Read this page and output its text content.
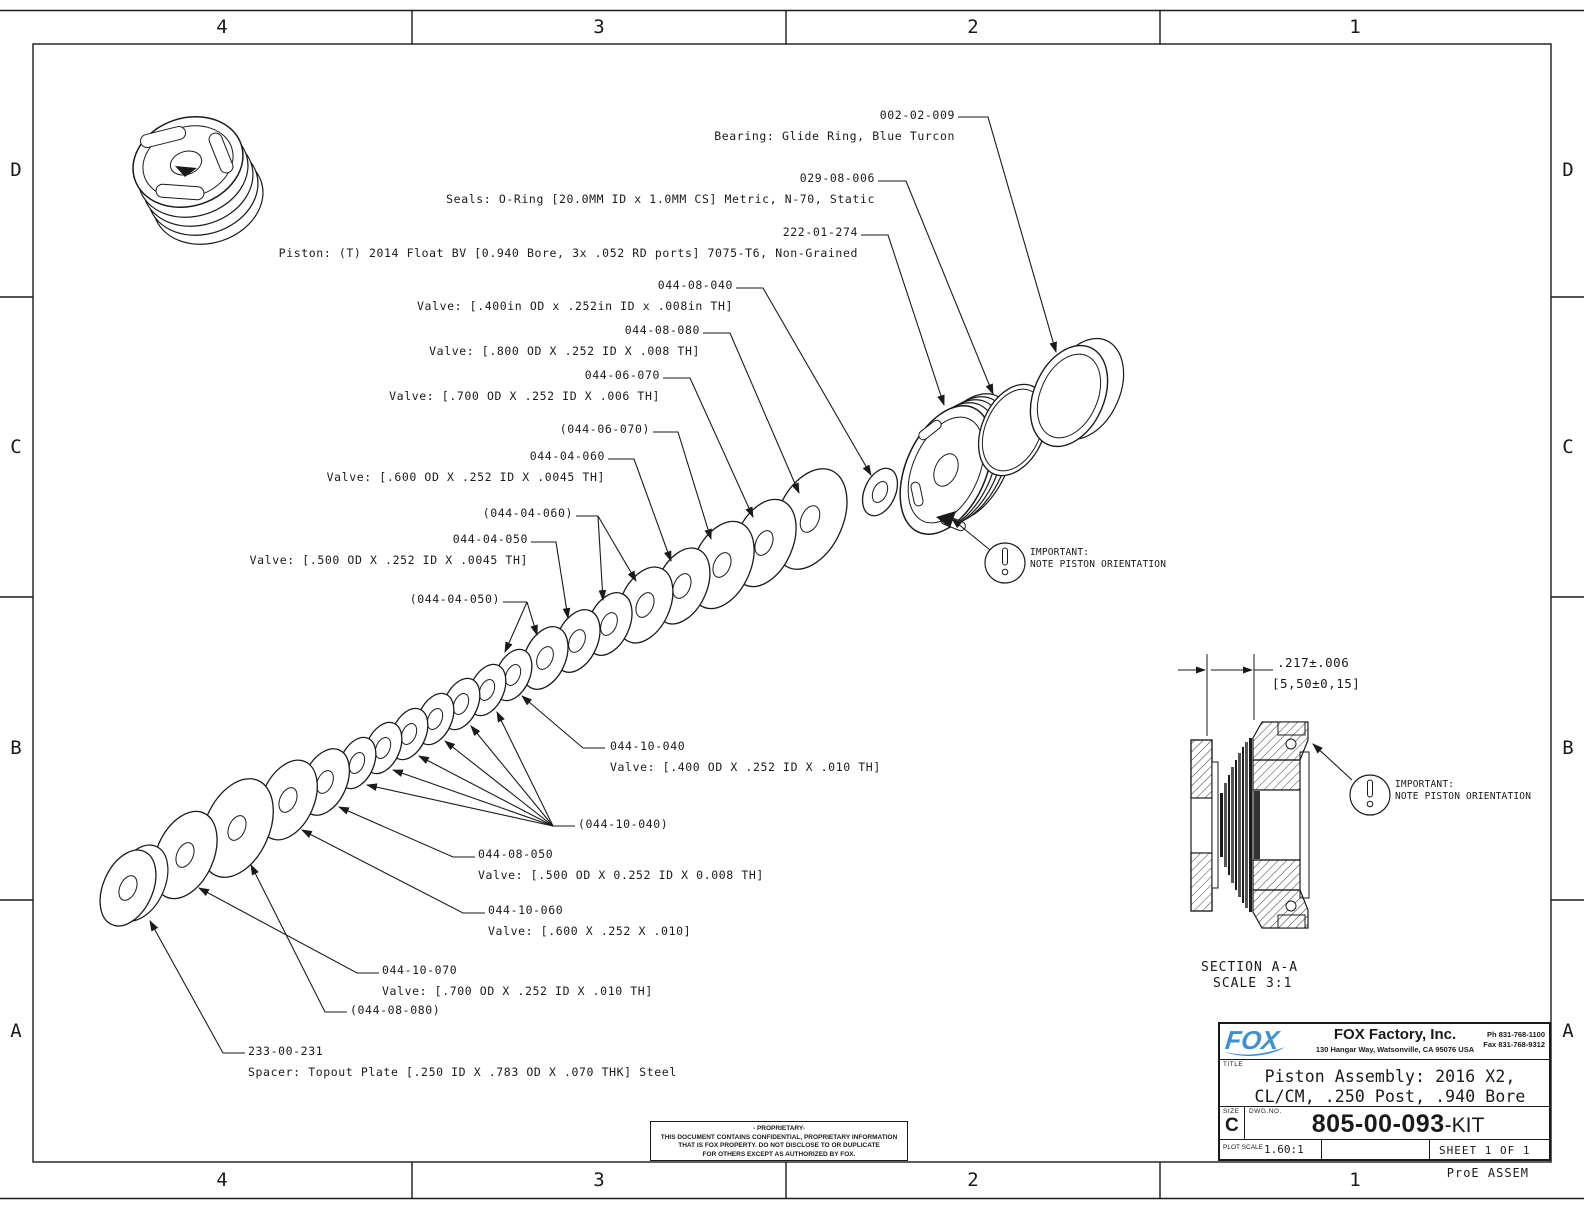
4	3	2	1
4	3	2	1
D
C
B
A
D
C
B
A
002-02-009
Bearing: Glide Ring, Blue Turcon
029-08-006
Seals: O-Ring [20.0MM ID x 1.0MM CS] Metric, N-70, Static
222-01-274
Piston: (T) 2014 Float BV [0.940 Bore, 3x .052 RD ports] 7075-T6, Non-Grained
044-08-040
Valve: [.400in OD x .252in ID x .008in TH]
044-08-080
Valve: [.800 OD X .252 ID X .008 TH]
044-06-070
Valve: [.700 OD X .252 ID X .006 TH]
(044-06-070)
044-04-060
Valve: [.600 OD X .252 ID X .0045 TH]
(044-04-060)
044-04-050
Valve: [.500 OD X .252 ID X .0045 TH]
(044-04-050)
044-10-040
Valve: [.400 OD X .252 ID X .010 TH]
(044-10-040)
044-08-050
Valve: [.500 OD X 0.252 ID X 0.008 TH]
044-10-060
Valve: [.600 X .252 X .010]
044-10-070
Valve: [.700 OD X .252 ID X .010 TH]
(044-08-080)
233-00-231
Spacer: Topout Plate [.250 ID X .783 OD X .070 THK] Steel
IMPORTANT:
NOTE PISTON ORIENTATION
IMPORTANT:
NOTE PISTON ORIENTATION
.217±.006
[5,50±0,15]
SECTION A-A
SCALE 3:1
FOX	FOX Factory, Inc.
130 Hangar Way, Watsonville, CA 95076 USA
Ph 831-768-1100
Fax 831-768-9312
TITLE
Piston Assembly: 2016 X2,
CL/CM, .250 Post, .940 Bore
SIZE
C
DWG.NO.	805-00-093-KIT
PLOT SCALE 1.60:1	SHEET 1 OF 1
- PROPRIETARY-
THIS DOCUMENT CONTAINS CONFIDENTIAL, PROPRIETARY INFORMATION
THAT IS FOX PROPERTY. DO NOT DISCLOSE TO OR DUPLICATE
FOR OTHERS EXCEPT AS AUTHORIZED BY FOX.
ProE ASSEM
